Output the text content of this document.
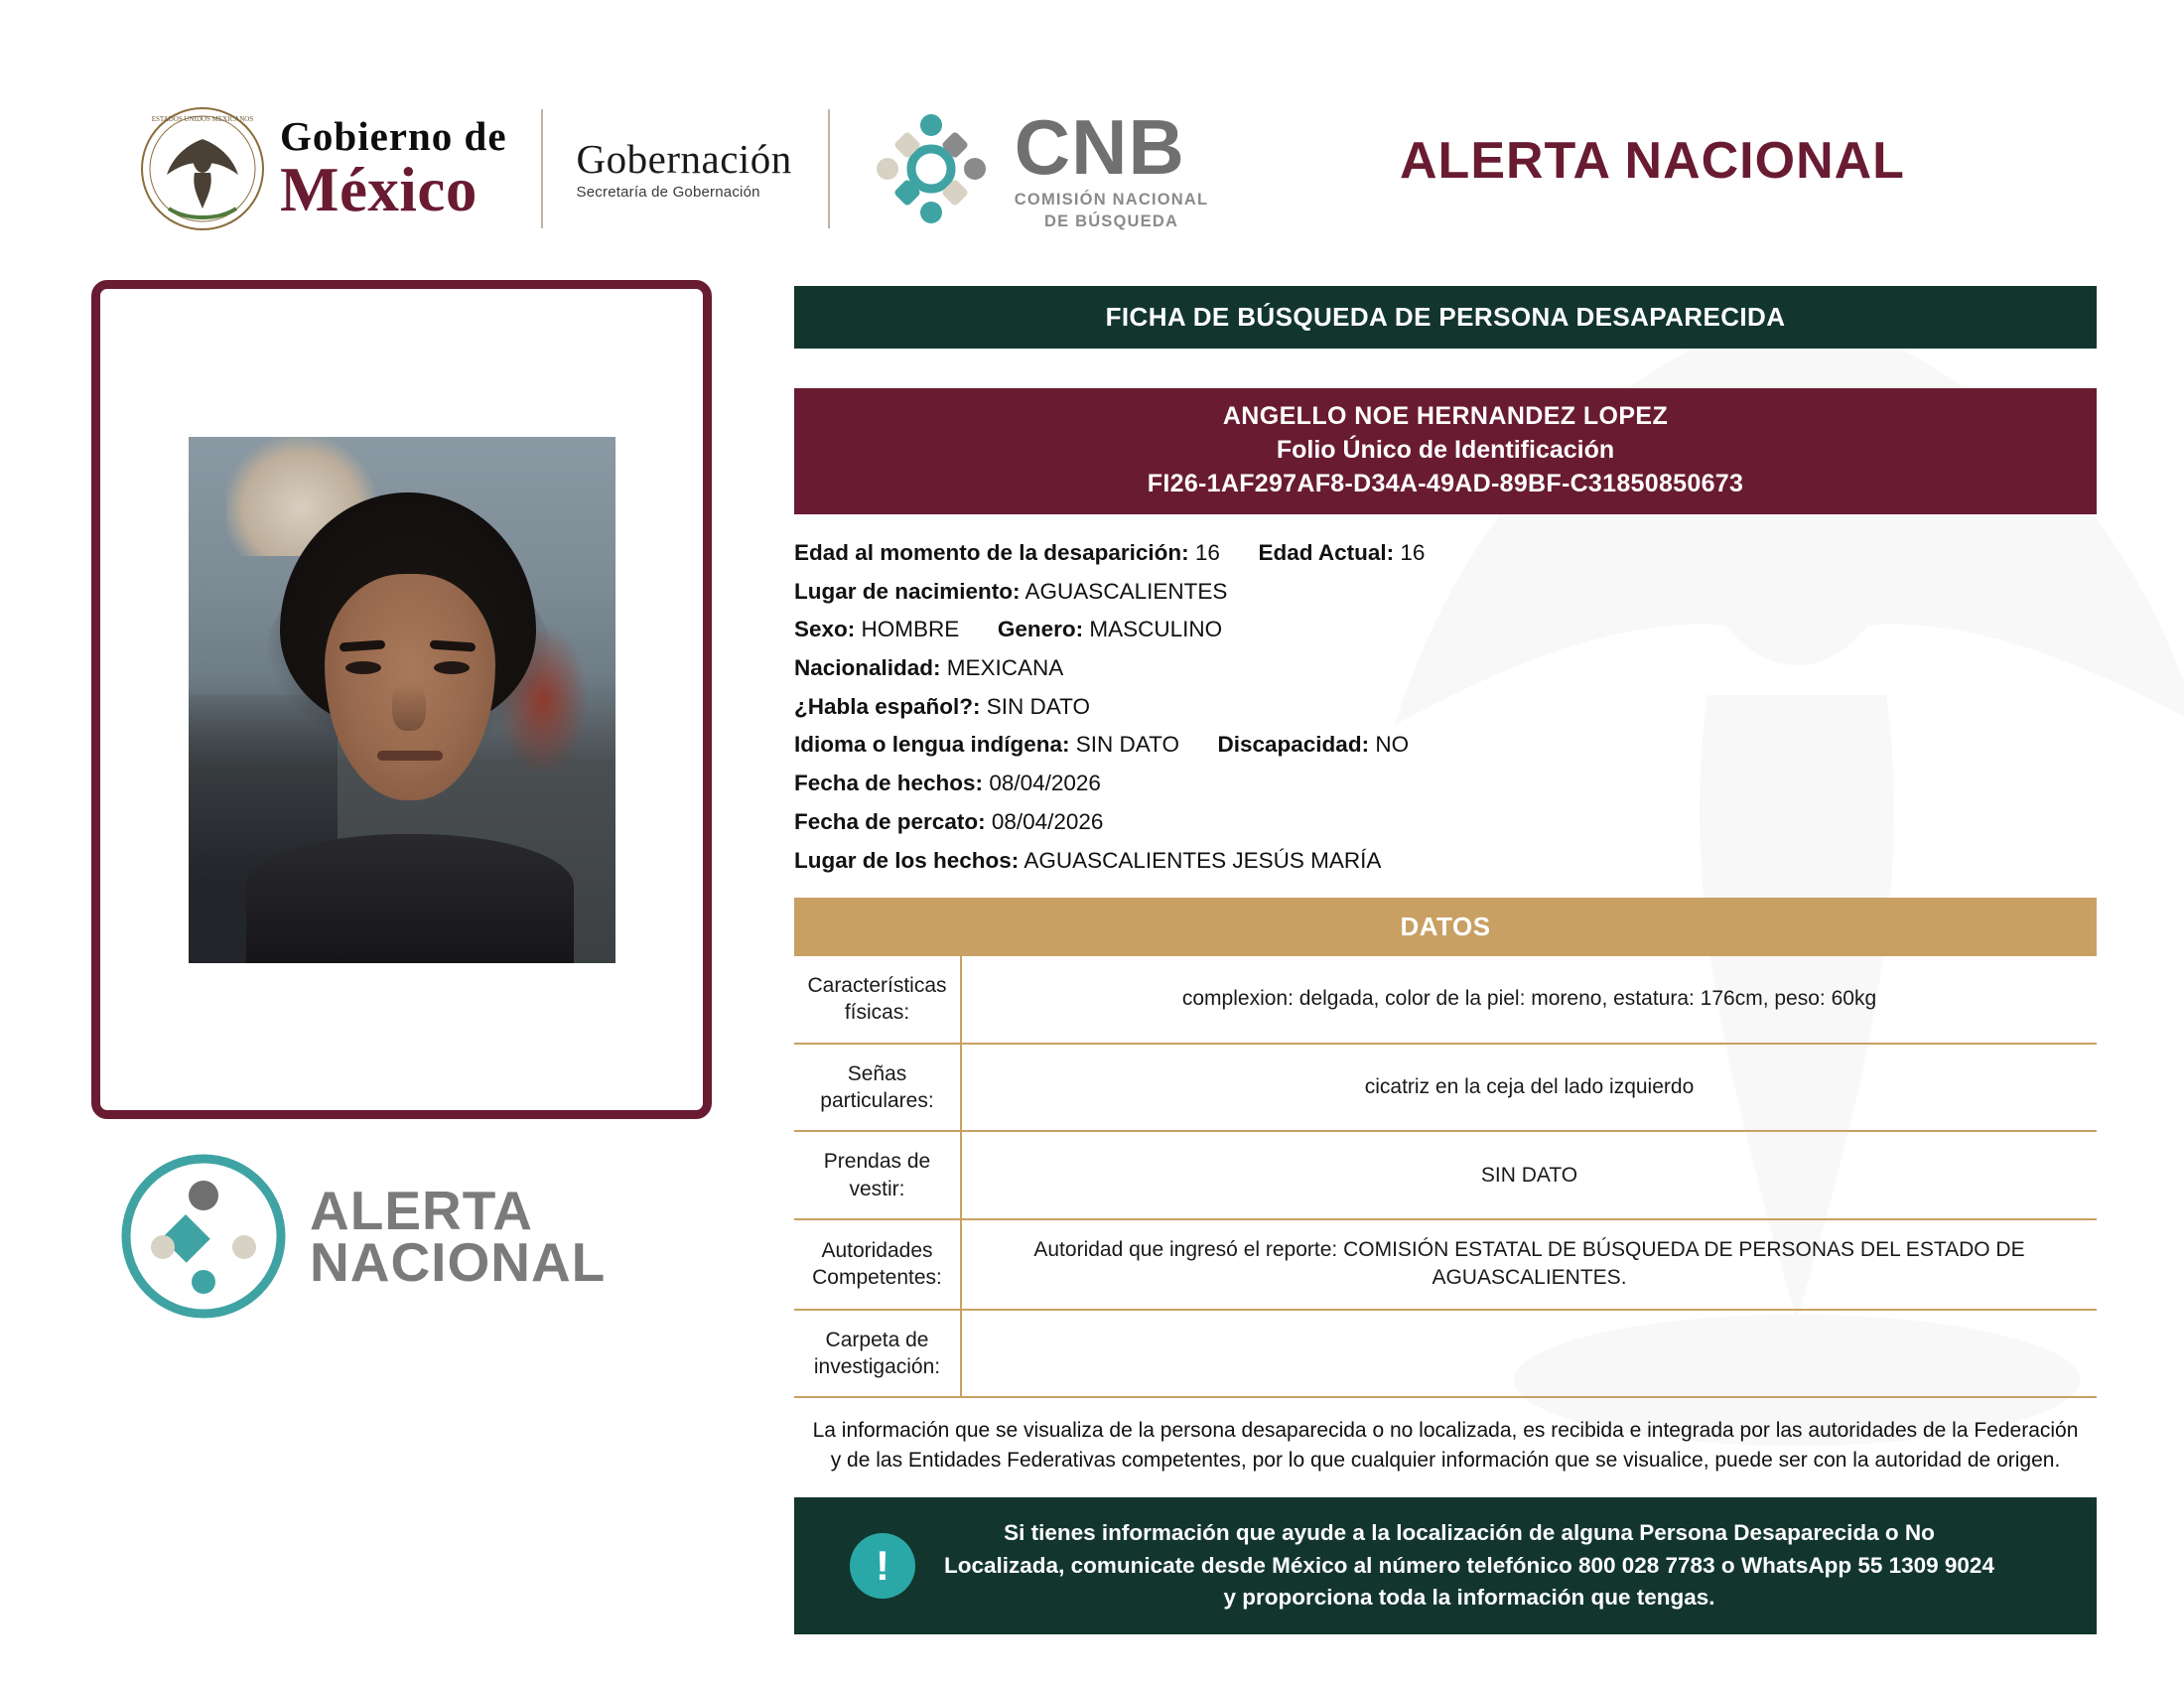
ESTADOS UNIDOS MEXICANOS Gobierno de
México	Gobernación
Secretaría de Gobernación
CNB
COMISIÓN NACIONAL
DE BÚSQUEDA
ALERTA NACIONAL
ALERTA
NACIONAL
FICHA DE BÚSQUEDA DE PERSONA DESAPARECIDA
ANGELLO NOE HERNANDEZ LOPEZ
Folio Único de Identificación
FI26-1AF297AF8-D34A-49AD-89BF-C31850850673
Edad al momento de la desaparición: 16 Edad Actual: 16
Lugar de nacimiento: AGUASCALIENTES
Sexo: HOMBRE Genero: MASCULINO
Nacionalidad: MEXICANA
¿Habla español?: SIN DATO
Idioma o lengua indígena: SIN DATO Discapacidad: NO
Fecha de hechos: 08/04/2026
Fecha de percato: 08/04/2026
Lugar de los hechos: AGUASCALIENTES JESÚS MARÍA
DATOS
Características físicas:	complexion: delgada, color de la piel: moreno, estatura: 176cm, peso: 60kg
Señas particulares:	cicatriz en la ceja del lado izquierdo
Prendas de vestir:	SIN DATO
Autoridades Competentes:	Autoridad que ingresó el reporte: COMISIÓN ESTATAL DE BÚSQUEDA DE PERSONAS DEL ESTADO DE AGUASCALIENTES.
Carpeta de investigación:	
La información que se visualiza de la persona desaparecida o no localizada, es recibida e integrada por las autoridades de la Federación y de las Entidades Federativas competentes, por lo que cualquier información que se visualice, puede ser con la autoridad de origen.
!
Si tienes información que ayude a la localización de alguna Persona Desaparecida o No Localizada, comunicate desde México al número telefónico 800 028 7783 o WhatsApp 55 1309 9024 y proporciona toda la información que tengas.
